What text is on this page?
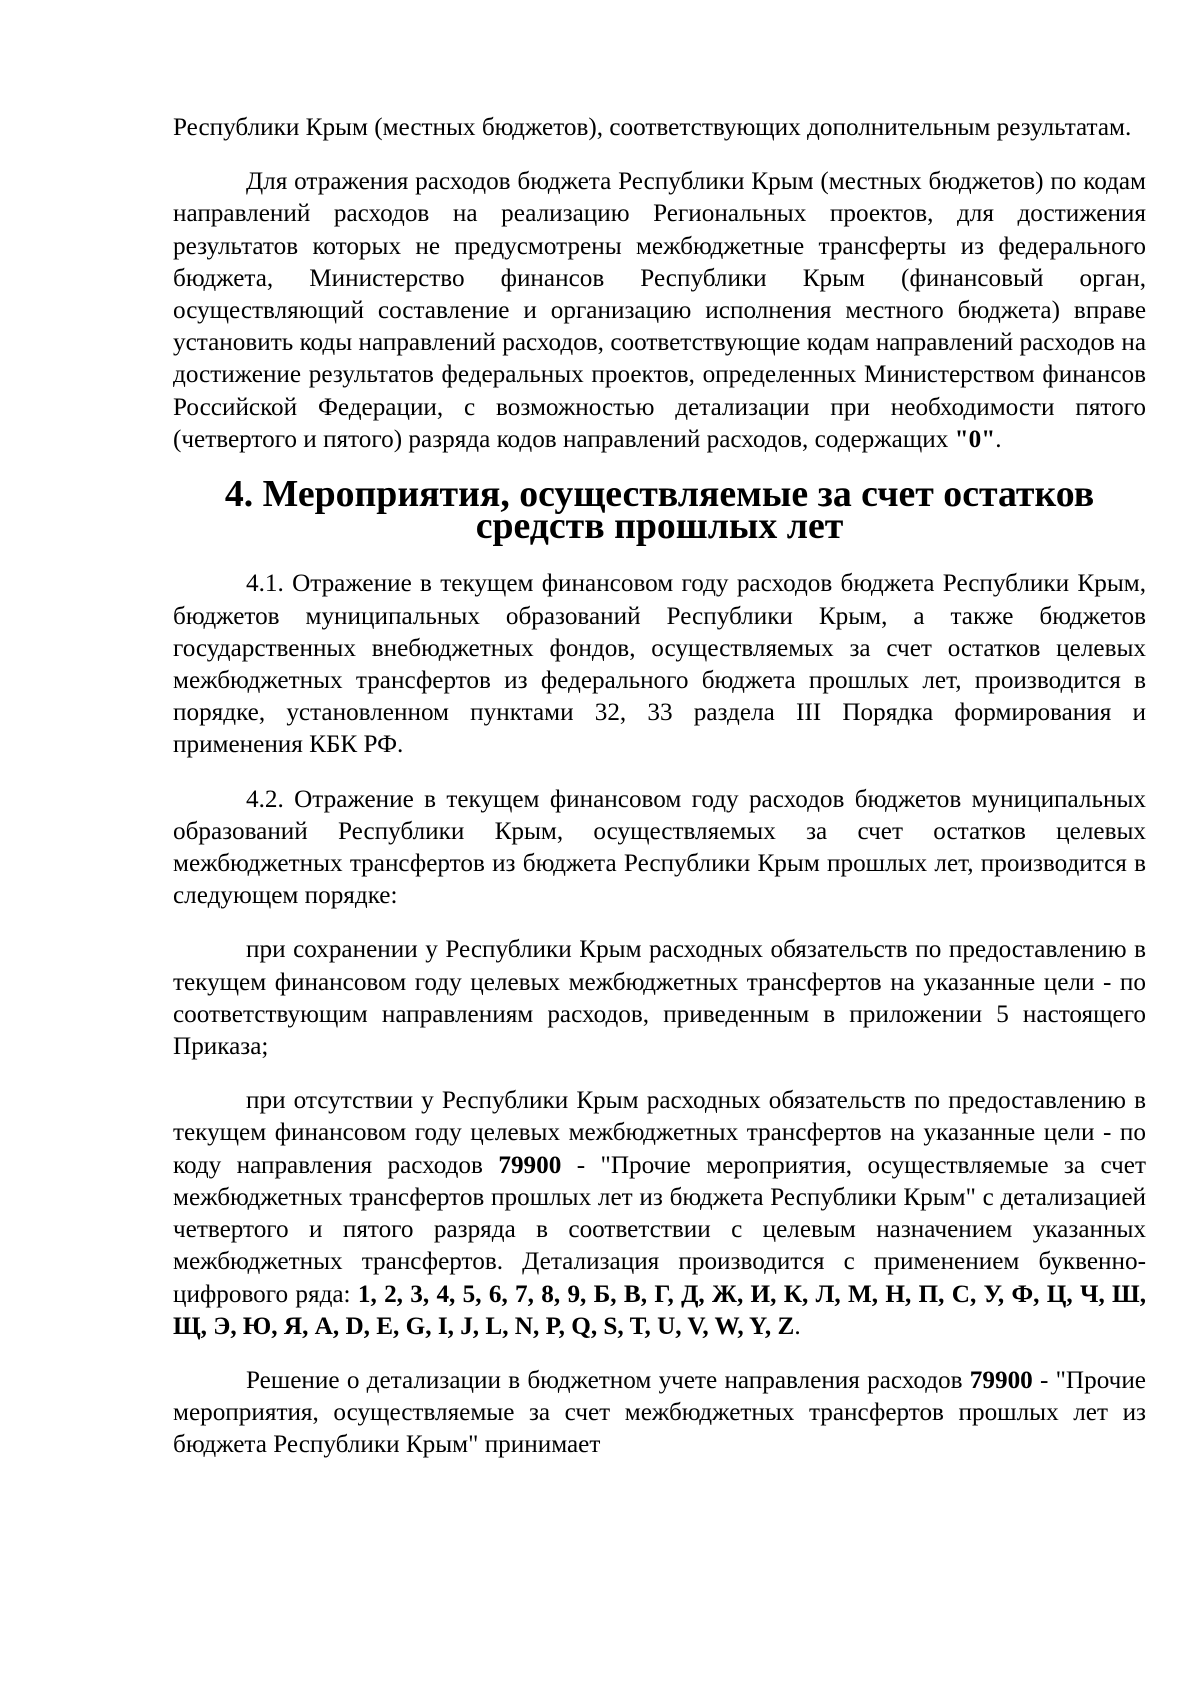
Республики Крым (местных бюджетов), соответствующих дополнительным результатам.

Для отражения расходов бюджета Республики Крым (местных бюджетов) по кодам направлений расходов на реализацию Региональных проектов, для достижения результатов которых не предусмотрены межбюджетные трансферты из федерального бюджета, Министерство финансов Республики Крым (финансовый орган, осуществляющий составление и организацию исполнения местного бюджета) вправе установить коды направлений расходов, соответствующие кодам направлений расходов на достижение результатов федеральных проектов, определенных Министерством финансов Российской Федерации, с возможностью детализации при необходимости пятого (четвертого и пятого) разряда кодов направлений расходов, содержащих "0".

4. Мероприятия, осуществляемые за счет остатков
средств прошлых лет

4.1. Отражение в текущем финансовом году расходов бюджета Республики Крым, бюджетов муниципальных образований Республики Крым, а также бюджетов государственных внебюджетных фондов, осуществляемых за счет остатков целевых межбюджетных трансфертов из федерального бюджета прошлых лет, производится в порядке, установленном пунктами 32, 33 раздела III Порядка формирования и применения КБК РФ.

4.2. Отражение в текущем финансовом году расходов бюджетов муниципальных образований Республики Крым, осуществляемых за счет остатков целевых межбюджетных трансфертов из бюджета Республики Крым прошлых лет, производится в следующем порядке:

при сохранении у Республики Крым расходных обязательств по предоставлению в текущем финансовом году целевых межбюджетных трансфертов на указанные цели - по соответствующим направлениям расходов, приведенным в приложении 5 настоящего Приказа;

при отсутствии у Республики Крым расходных обязательств по предоставлению в текущем финансовом году целевых межбюджетных трансфертов на указанные цели - по коду направления расходов 79900 - "Прочие мероприятия, осуществляемые за счет межбюджетных трансфертов прошлых лет из бюджета Республики Крым" с детализацией четвертого и пятого разряда в соответствии с целевым назначением указанных межбюджетных трансфертов. Детализация производится с применением буквенно-цифрового ряда: 1, 2, 3, 4, 5, 6, 7, 8, 9, Б, В, Г, Д, Ж, И, К, Л, М, Н, П, С, У, Ф, Ц, Ч, Ш, Щ, Э, Ю, Я, A, D, E, G, I, J, L, N, P, Q, S, T, U, V, W, Y, Z.

Решение о детализации в бюджетном учете направления расходов 79900 - "Прочие мероприятия, осуществляемые за счет межбюджетных трансфертов прошлых лет из бюджета Республики Крым" принимает
